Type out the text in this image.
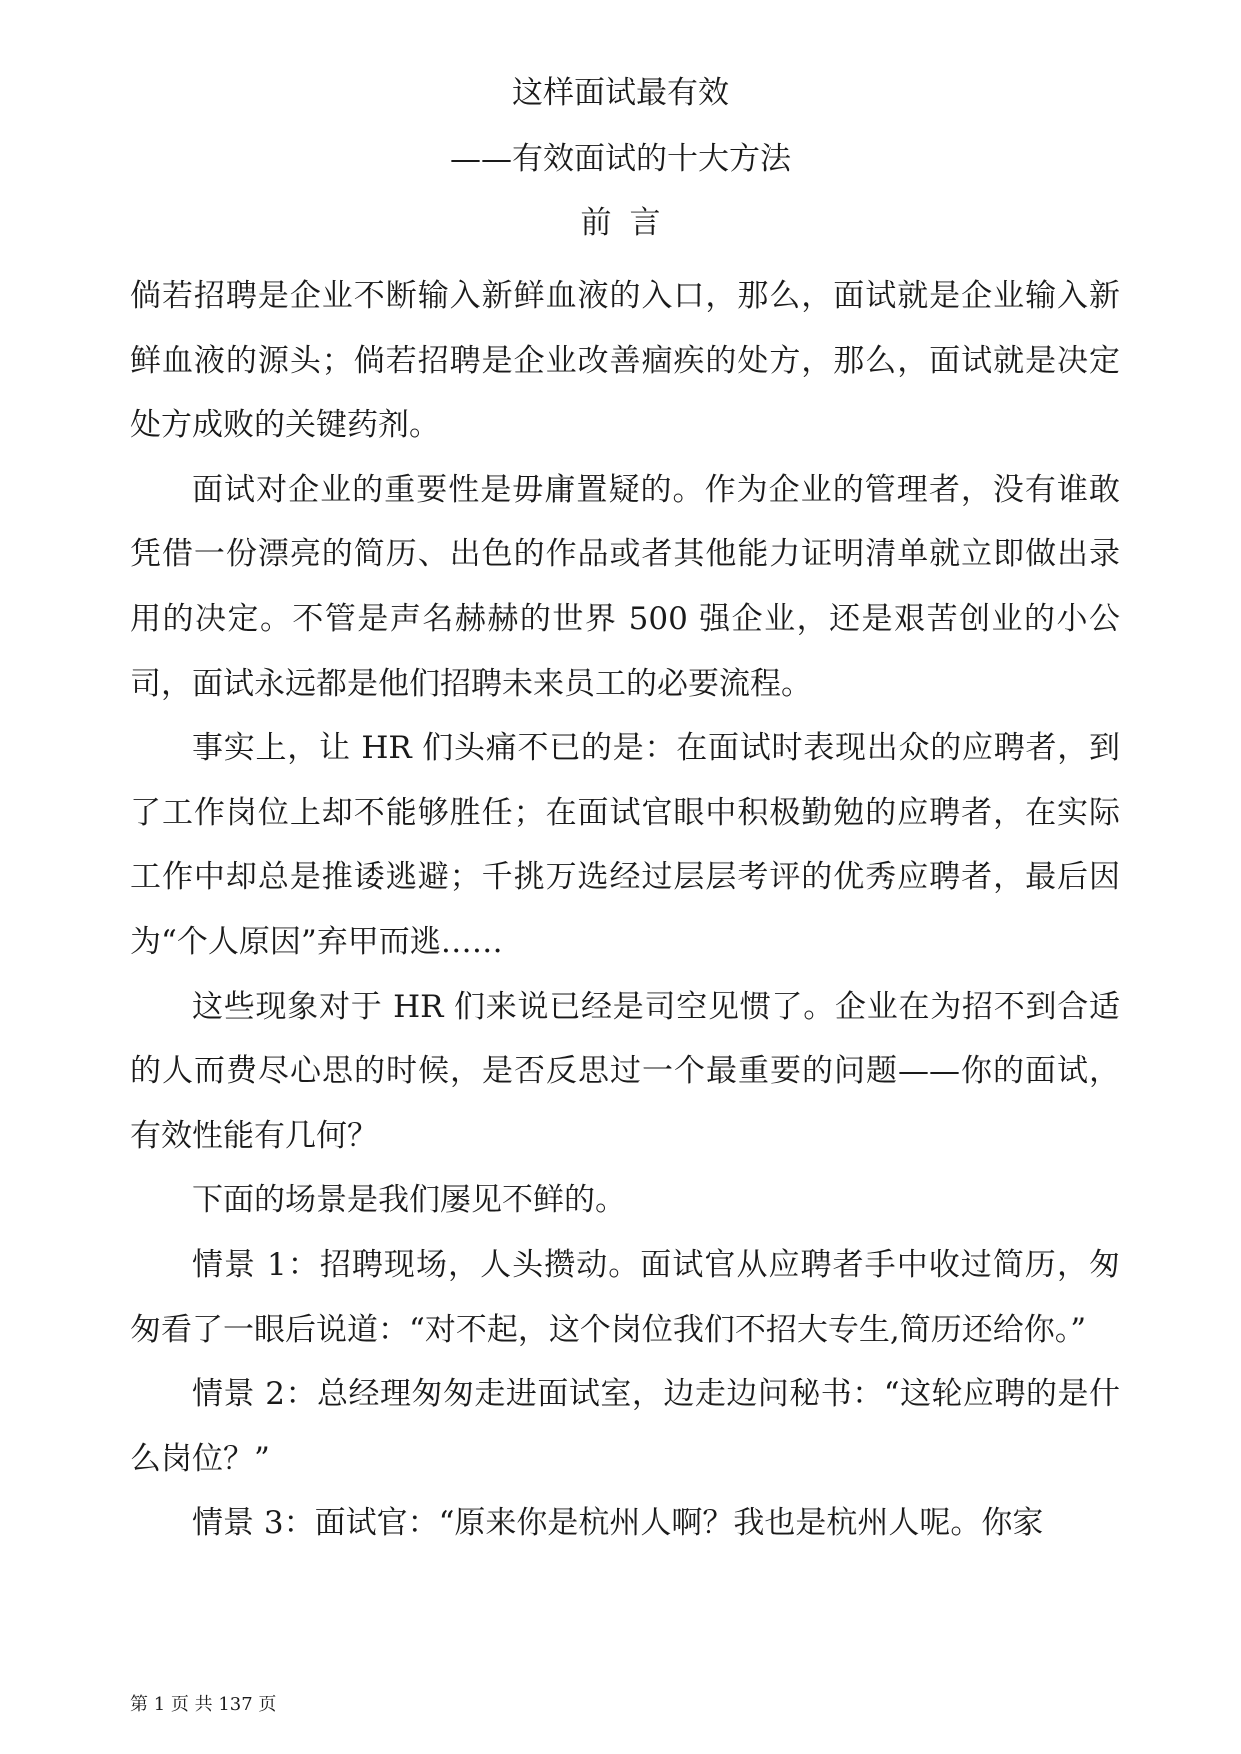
这样面试最有效
——有效面试的十大方法
前言

倘若招聘是企业不断输入新鲜血液的入口，那么，面试就是企业输入新鲜血液的源头；倘若招聘是企业改善痼疾的处方，那么，面试就是决定处方成败的关键药剂。

面试对企业的重要性是毋庸置疑的。作为企业的管理者，没有谁敢凭借一份漂亮的简历、出色的作品或者其他能力证明清单就立即做出录用的决定。不管是声名赫赫的世界 500 强企业，还是艰苦创业的小公司，面试永远都是他们招聘未来员工的必要流程。

事实上，让 HR 们头痛不已的是：在面试时表现出众的应聘者，到了工作岗位上却不能够胜任；在面试官眼中积极勤勉的应聘者，在实际工作中却总是推诿逃避；千挑万选经过层层考评的优秀应聘者，最后因为“个人原因”弃甲而逃……

这些现象对于 HR 们来说已经是司空见惯了。企业在为招不到合适的人而费尽心思的时候，是否反思过一个最重要的问题——你的面试，有效性能有几何？

下面的场景是我们屡见不鲜的。

情景 1：招聘现场，人头攒动。面试官从应聘者手中收过简历，匆匆看了一眼后说道：“对不起，这个岗位我们不招大专生,简历还给你。”

情景 2：总经理匆匆走进面试室，边走边问秘书：“这轮应聘的是什么岗位？”

情景 3：面试官：“原来你是杭州人啊？我也是杭州人呢。你家

第 1 页 共 137 页
